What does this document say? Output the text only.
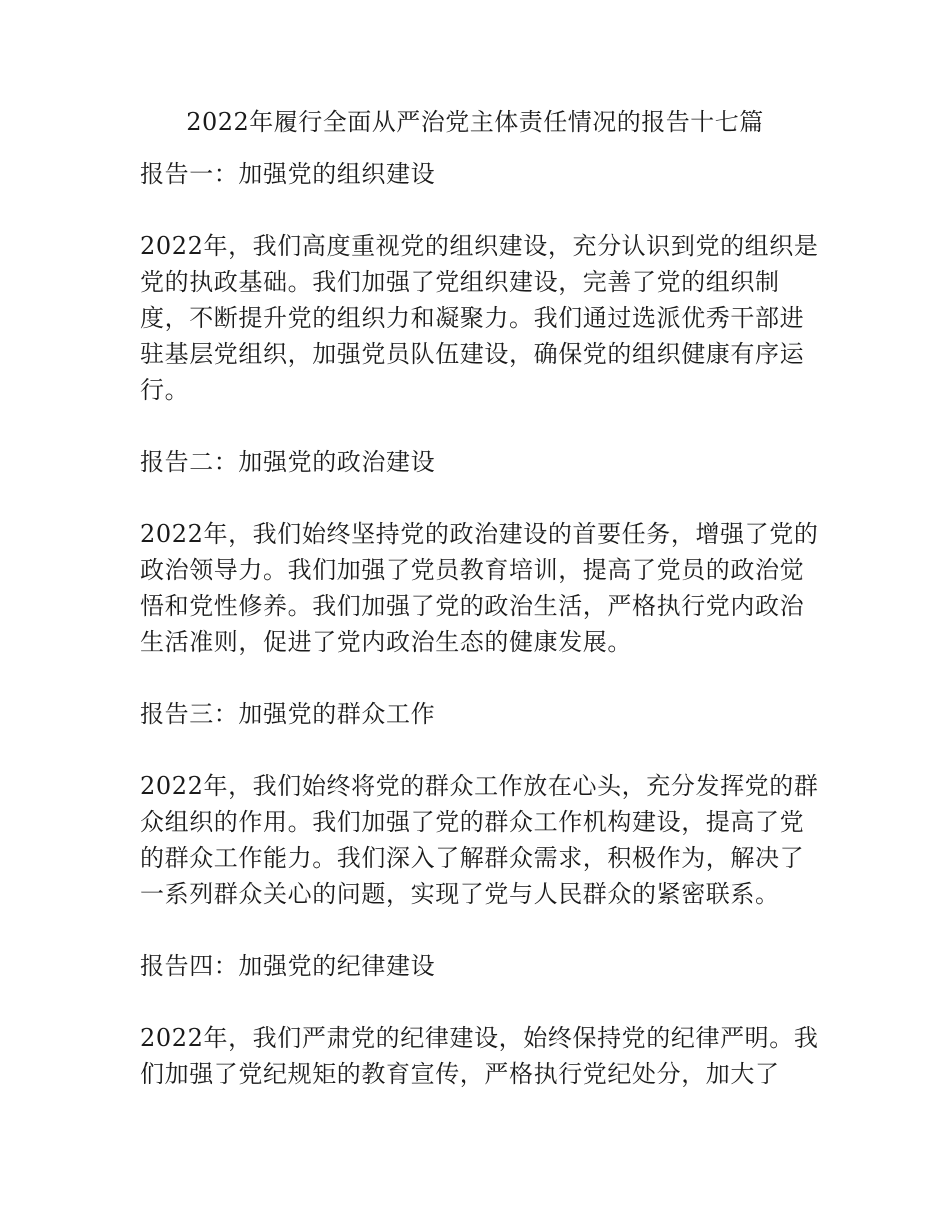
2022年履行全面从严治党主体责任情况的报告十七篇

报告一：加强党的组织建设

2022年，我们高度重视党的组织建设，充分认识到党的组织是党的执政基础。我们加强了党组织建设，完善了党的组织制度，不断提升党的组织力和凝聚力。我们通过选派优秀干部进驻基层党组织，加强党员队伍建设，确保党的组织健康有序运行。

报告二：加强党的政治建设

2022年，我们始终坚持党的政治建设的首要任务，增强了党的政治领导力。我们加强了党员教育培训，提高了党员的政治觉悟和党性修养。我们加强了党的政治生活，严格执行党内政治生活准则，促进了党内政治生态的健康发展。

报告三：加强党的群众工作

2022年，我们始终将党的群众工作放在心头，充分发挥党的群众组织的作用。我们加强了党的群众工作机构建设，提高了党的群众工作能力。我们深入了解群众需求，积极作为，解决了一系列群众关心的问题，实现了党与人民群众的紧密联系。

报告四：加强党的纪律建设

2022年，我们严肃党的纪律建设，始终保持党的纪律严明。我们加强了党纪规矩的教育宣传，严格执行党纪处分，加大了
